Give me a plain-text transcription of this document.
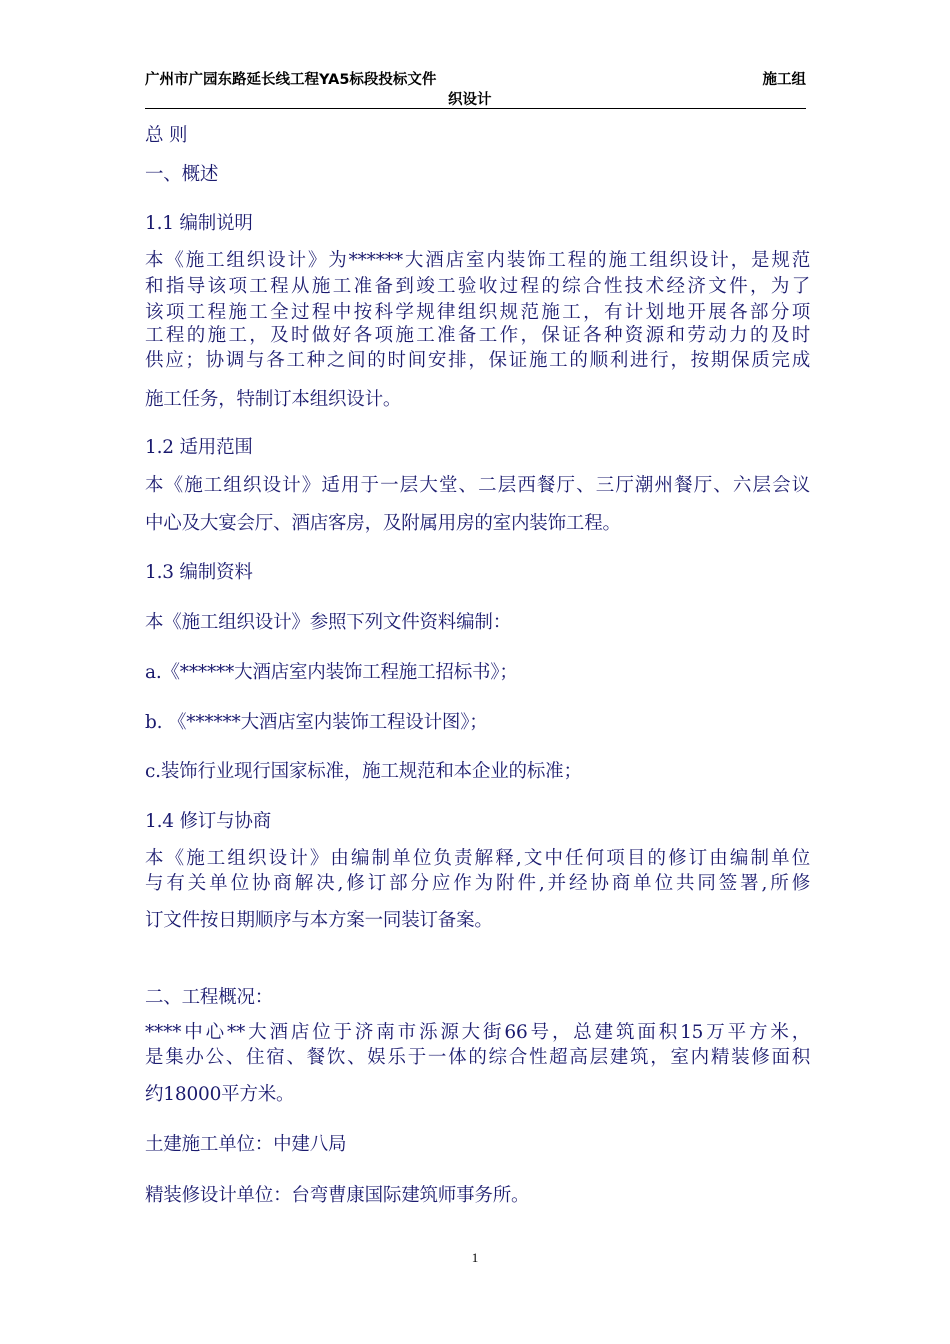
广州市广园东路延长线工程YA5标段投标文件
织设计
施工组
总 则
一、概述
1.1 编制说明
本《施工组织设计》为******大酒店室内装饰工程的施工组织设计，是规范
和指导该项工程从施工准备到竣工验收过程的综合性技术经济文件，为了
该项工程施工全过程中按科学规律组织规范施工，有计划地开展各部分项
工程的施工，及时做好各项施工准备工作，保证各种资源和劳动力的及时
供应；协调与各工种之间的时间安排，保证施工的顺利进行，按期保质完成
施工任务，特制订本组织设计。
1.2 适用范围
本《施工组织设计》适用于一层大堂、二层西餐厅、三厅潮州餐厅、六层会议
中心及大宴会厅、酒店客房，及附属用房的室内装饰工程。
1.3 编制资料
本《施工组织设计》参照下列文件资料编制：
a.《******大酒店室内装饰工程施工招标书》；
b. 《******大酒店室内装饰工程设计图》；
c.装饰行业现行国家标准，施工规范和本企业的标准；
1.4 修订与协商
本《施工组织设计》由编制单位负责解释,文中任何项目的修订由编制单位
与有关单位协商解决,修订部分应作为附件,并经协商单位共同签署,所修
订文件按日期顺序与本方案一同装订备案。
二、工程概况：
****中心**大酒店位于济南市泺源大街66号，总建筑面积15万平方米，
是集办公、住宿、餐饮、娱乐于一体的综合性超高层建筑，室内精装修面积
约18000平方米。
土建施工单位：中建八局
精装修设计单位：台弯曹康国际建筑师事务所。
1
